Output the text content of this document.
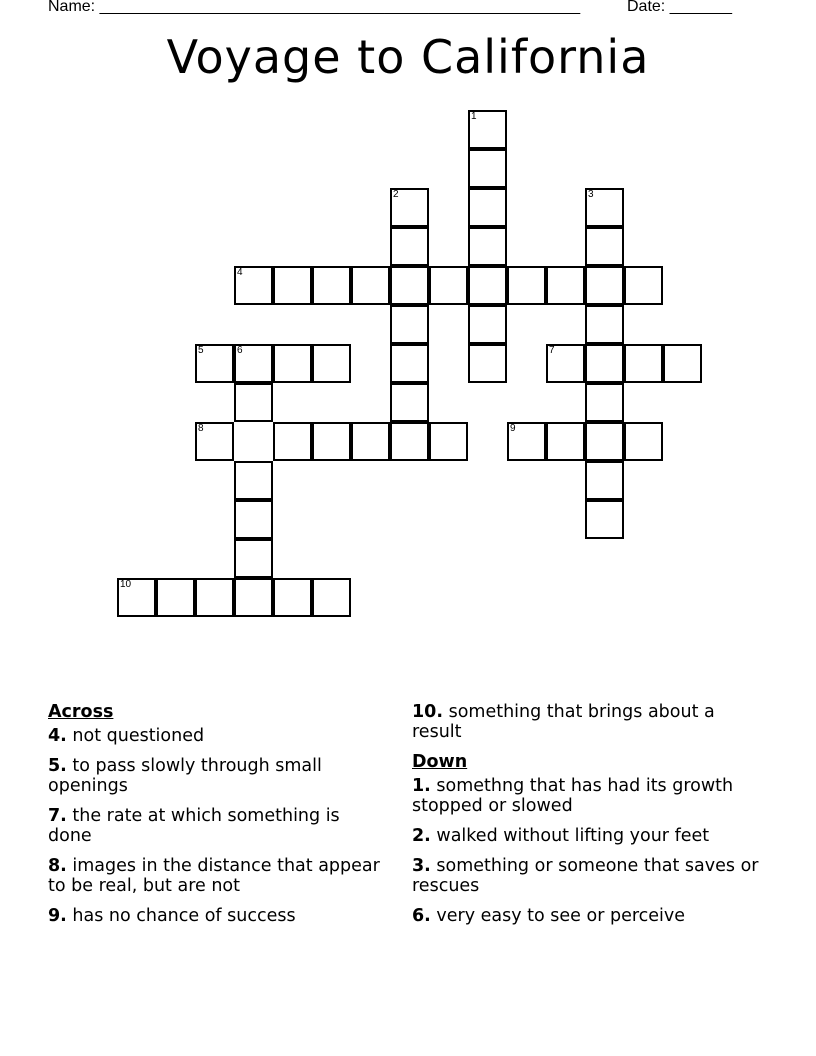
Name: ______________________________________________________	Date: _______
Voyage to California
1
2	3
4
5	6	7
8	9
10
Across
4. not questioned
5. to pass slowly through small openings
7. the rate at which something is done
8. images in the distance that appear to be real, but are not
9. has no chance of success
10. something that brings about a result
Down
1. somethng that has had its growth stopped or slowed
2. walked without lifting your feet
3. something or someone that saves or rescues
6. very easy to see or perceive
